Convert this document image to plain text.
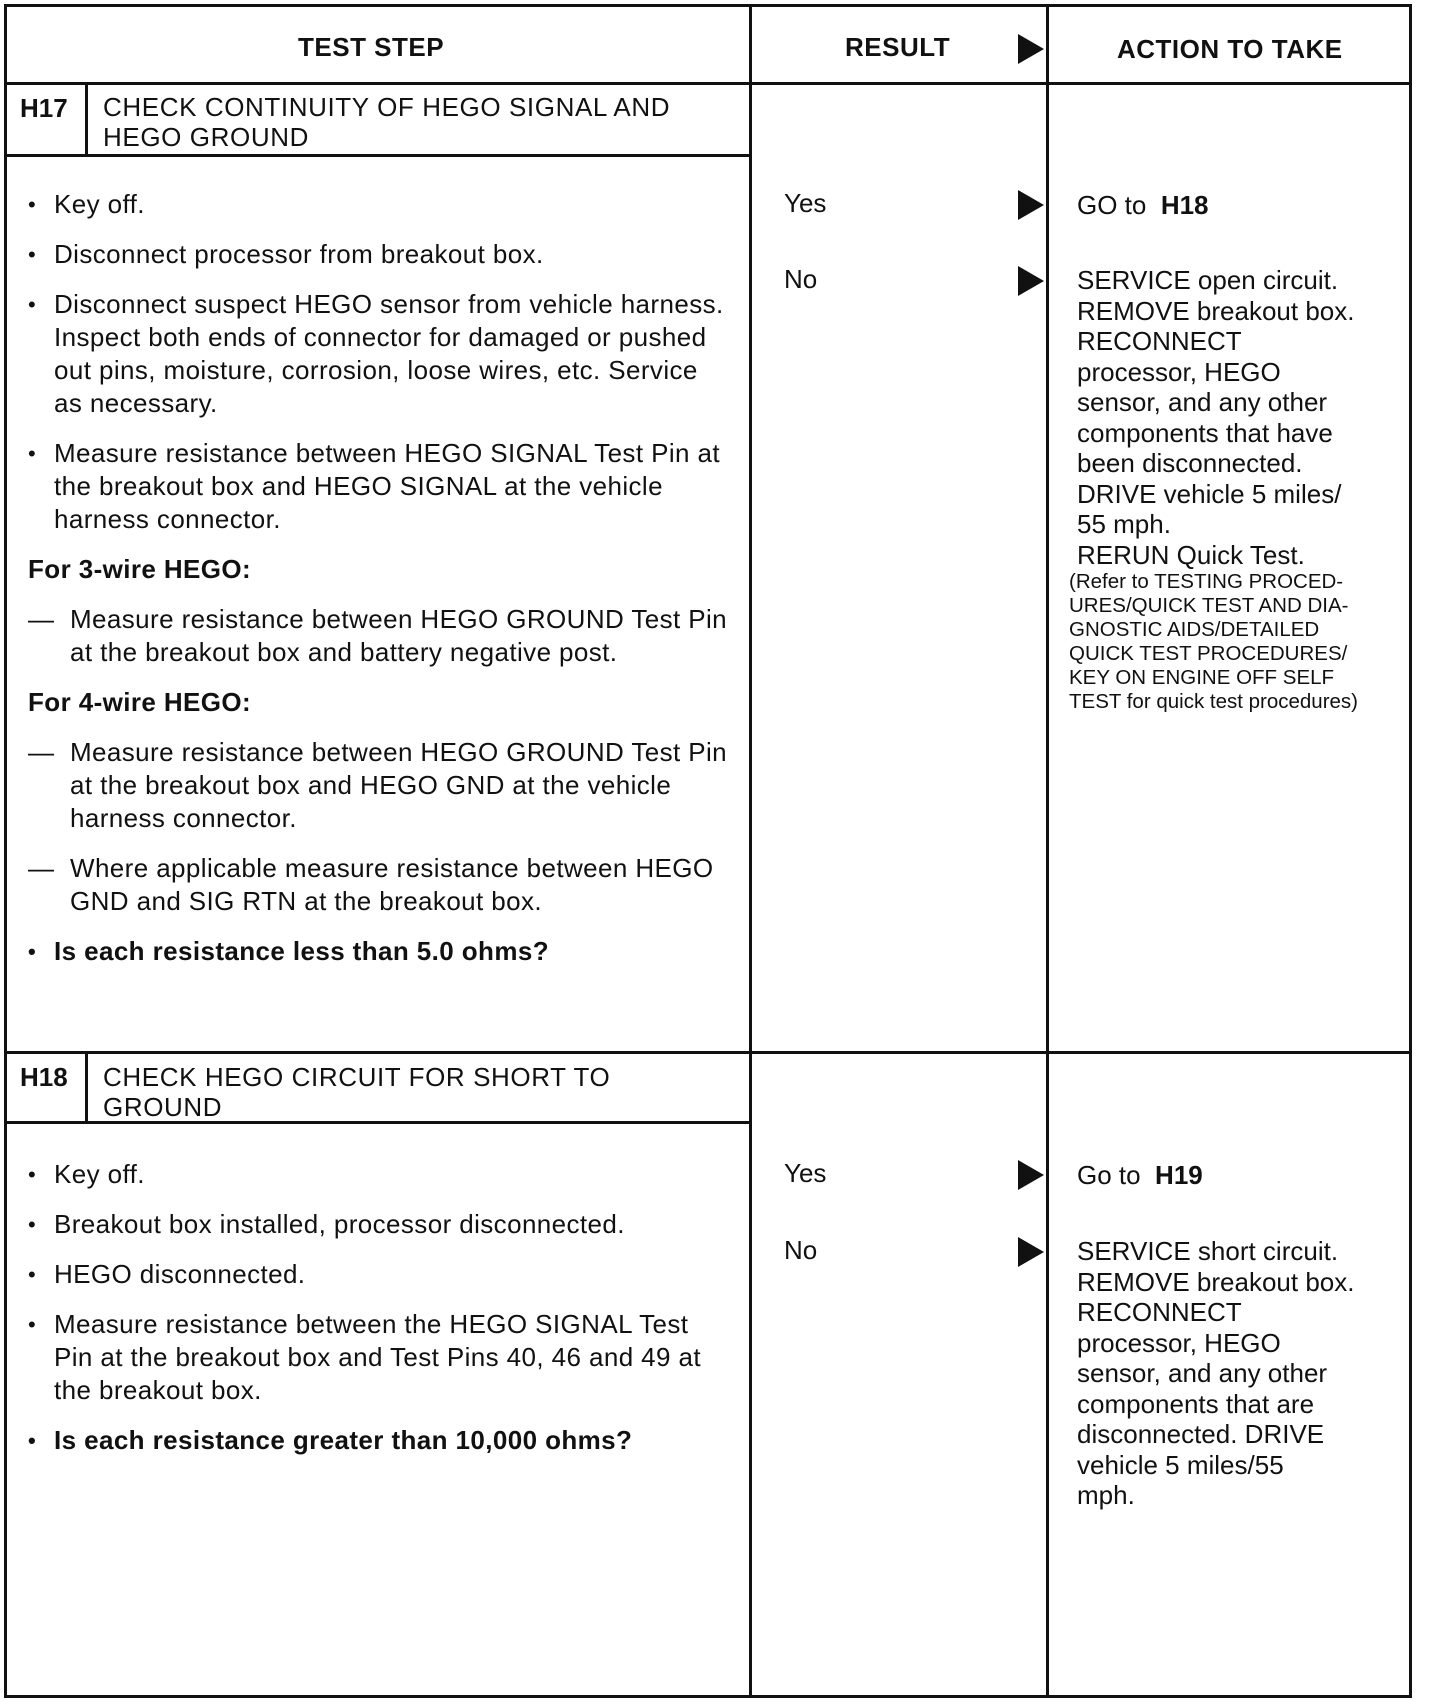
TEST STEP	RESULT	ACTION TO TAKE
H17 CHECK CONTINUITY OF HEGO SIGNAL AND
HEGO GROUND
• Key off.
• Disconnect processor from breakout box.
• Disconnect suspect HEGO sensor from vehicle harness. Inspect both ends of connector for damaged or pushed out pins, moisture, corrosion, loose wires, etc. Service as necessary.
• Measure resistance between HEGO SIGNAL Test Pin at the breakout box and HEGO SIGNAL at the vehicle harness connector.
For 3-wire HEGO:
— Measure resistance between HEGO GROUND Test Pin at the breakout box and battery negative post.
For 4-wire HEGO:
— Measure resistance between HEGO GROUND Test Pin at the breakout box and HEGO GND at the vehicle harness connector.
— Where applicable measure resistance between HEGO GND and SIG RTN at the breakout box.
• Is each resistance less than 5.0 ohms?
Yes	GO to H18
No	SERVICE open circuit.
REMOVE breakout box.
RECONNECT
processor, HEGO
sensor, and any other
components that have
been disconnected.
DRIVE vehicle 5 miles/
55 mph.
RERUN Quick Test.
(Refer to TESTING PROCED-
URES/QUICK TEST AND DIA-
GNOSTIC AIDS/DETAILED
QUICK TEST PROCEDURES/
KEY ON ENGINE OFF SELF
TEST for quick test procedures)
H18 CHECK HEGO CIRCUIT FOR SHORT TO
GROUND
• Key off.
• Breakout box installed, processor disconnected.
• HEGO disconnected.
• Measure resistance between the HEGO SIGNAL Test Pin at the breakout box and Test Pins 40, 46 and 49 at the breakout box.
• Is each resistance greater than 10,000 ohms?
Yes	Go to H19
No	SERVICE short circuit.
REMOVE breakout box.
RECONNECT
processor, HEGO
sensor, and any other
components that are
disconnected. DRIVE
vehicle 5 miles/55
mph.
